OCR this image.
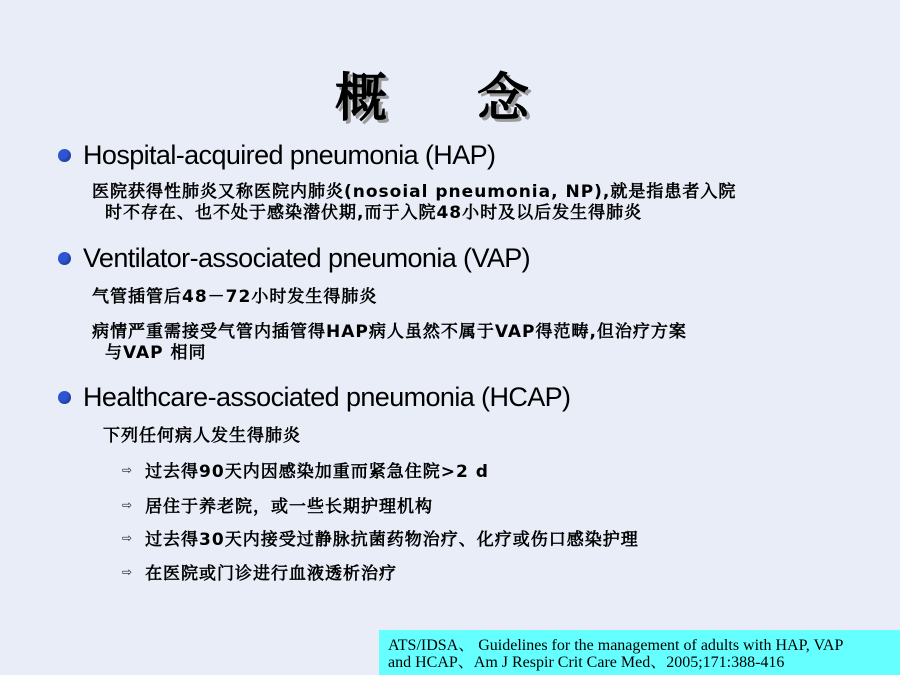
概 念
Hospital-acquired pneumonia (HAP)
医院获得性肺炎又称医院内肺炎(nosoial pneumonia, NP),就是指患者入院
时不存在、也不处于感染潜伏期,而于入院48小时及以后发生得肺炎
Ventilator-associated pneumonia (VAP)
气管插管后48－72小时发生得肺炎
病情严重需接受气管内插管得HAP病人虽然不属于VAP得范畴,但治疗方案
与VAP 相同
Healthcare-associated pneumonia (HCAP)
下列任何病人发生得肺炎
⇨ 过去得90天内因感染加重而紧急住院>2 d
⇨ 居住于养老院，或一些长期护理机构
⇨ 过去得30天内接受过静脉抗菌药物治疗、化疗或伤口感染护理
⇨ 在医院或门诊进行血液透析治疗
ATS/IDSA、 Guidelines for the management of adults with HAP, VAP
and HCAP、Am J Respir Crit Care Med、2005;171:388-416
